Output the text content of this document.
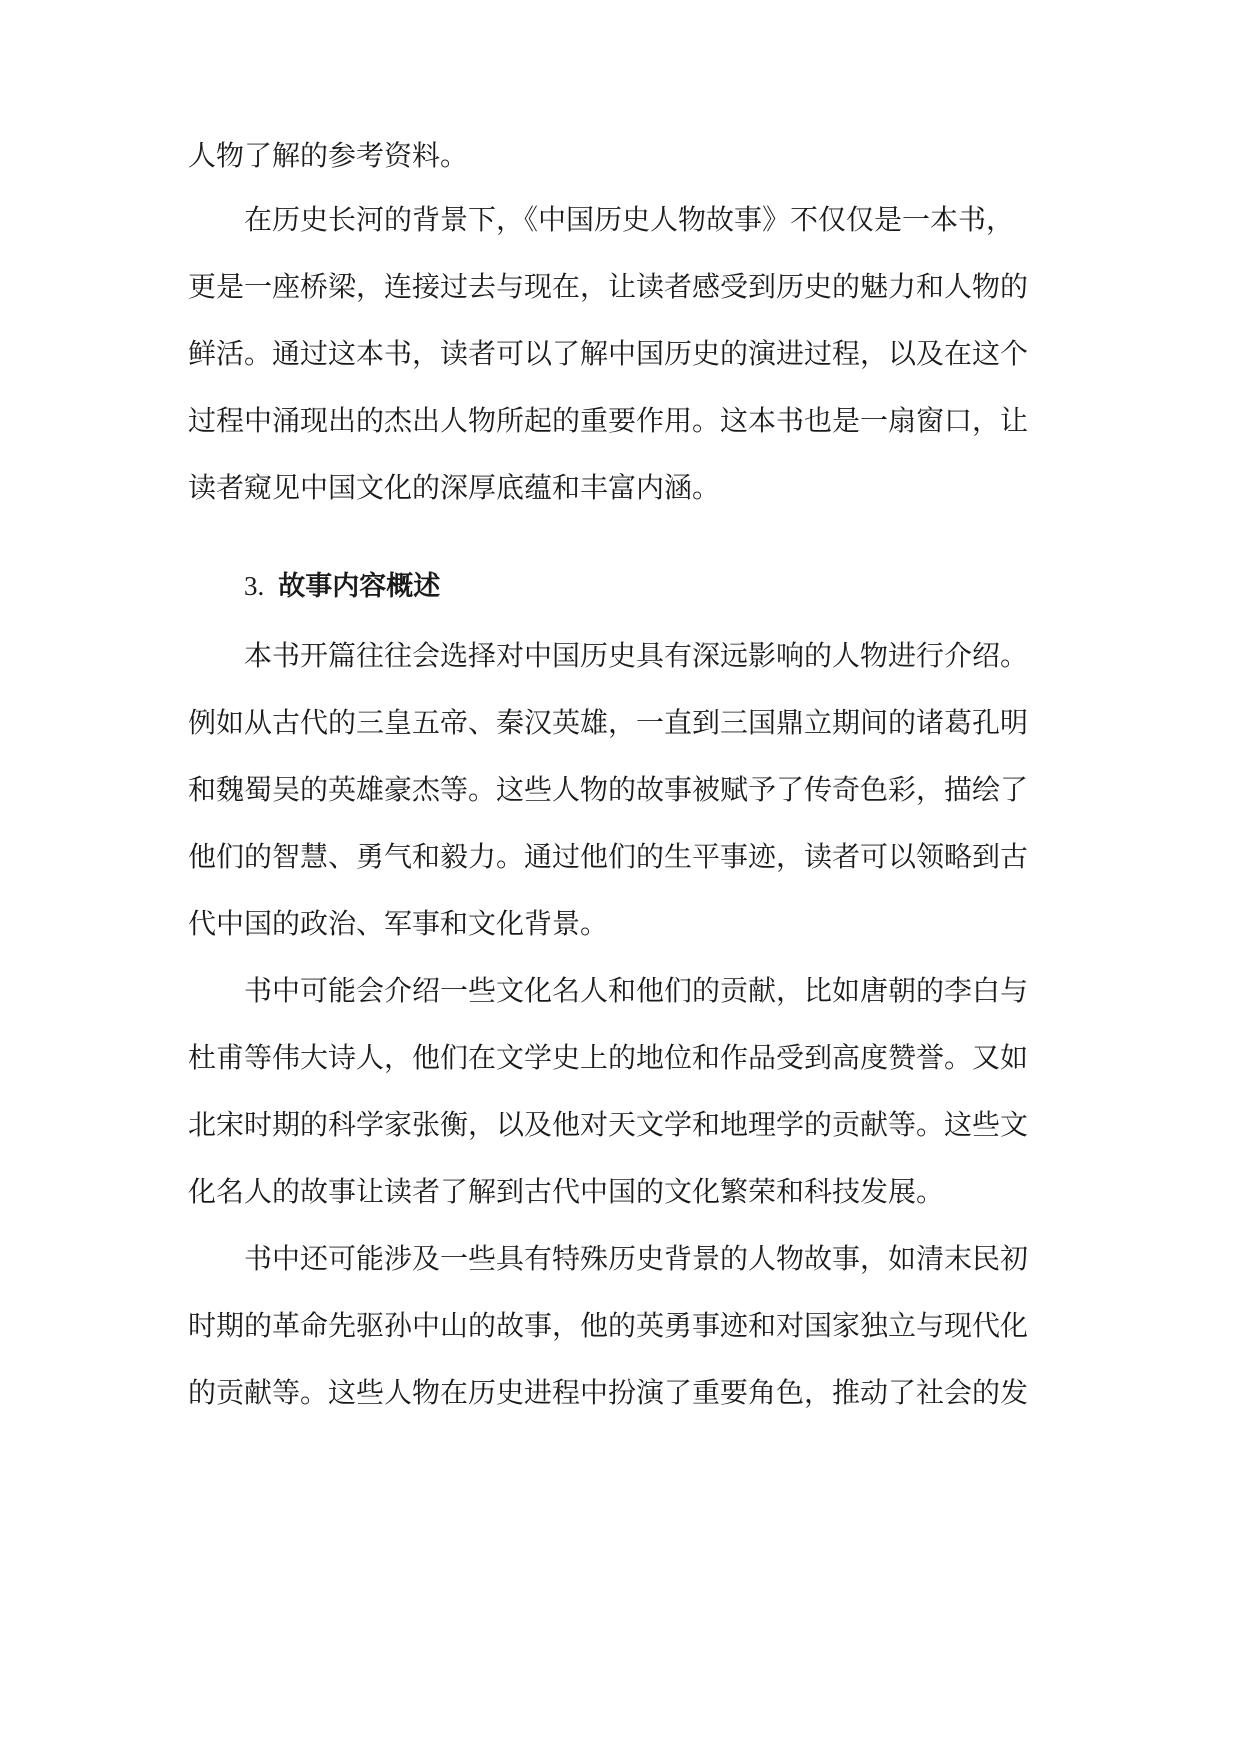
人物了解的参考资料。
在历史长河的背景下，《中国历史人物故事》不仅仅是一本书，
更是一座桥梁，连接过去与现在，让读者感受到历史的魅力和人物的
鲜活。通过这本书，读者可以了解中国历史的演进过程，以及在这个
过程中涌现出的杰出人物所起的重要作用。这本书也是一扇窗口，让
读者窥见中国文化的深厚底蕴和丰富内涵。
3. 故事内容概述
本书开篇往往会选择对中国历史具有深远影响的人物进行介绍。
例如从古代的三皇五帝、秦汉英雄，一直到三国鼎立期间的诸葛孔明
和魏蜀吴的英雄豪杰等。这些人物的故事被赋予了传奇色彩，描绘了
他们的智慧、勇气和毅力。通过他们的生平事迹，读者可以领略到古
代中国的政治、军事和文化背景。
书中可能会介绍一些文化名人和他们的贡献，比如唐朝的李白与
杜甫等伟大诗人，他们在文学史上的地位和作品受到高度赞誉。又如
北宋时期的科学家张衡，以及他对天文学和地理学的贡献等。这些文
化名人的故事让读者了解到古代中国的文化繁荣和科技发展。
书中还可能涉及一些具有特殊历史背景的人物故事，如清末民初
时期的革命先驱孙中山的故事，他的英勇事迹和对国家独立与现代化
的贡献等。这些人物在历史进程中扮演了重要角色，推动了社会的发
